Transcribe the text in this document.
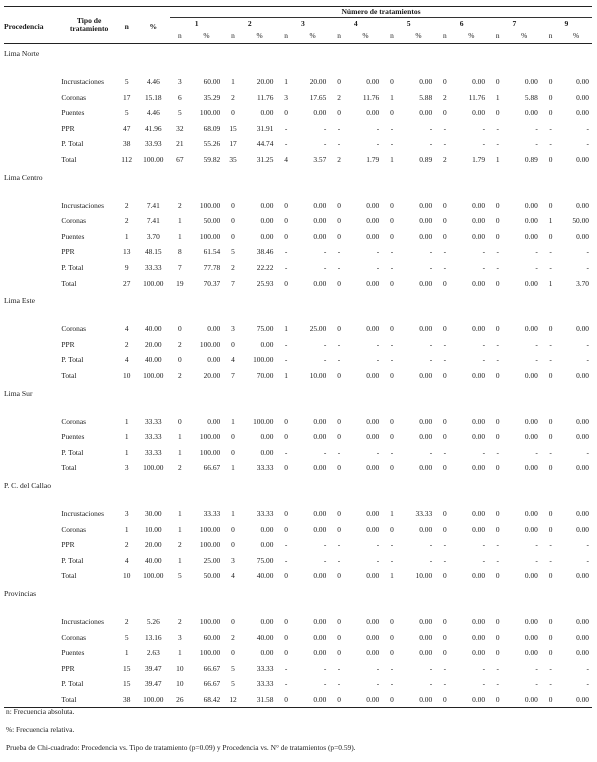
Procedencia	Tipo de tratamiento	n	%	Número de tratamientos															
				1		2		3		4		5		6		7		9	
				n	%	n	%	n	%	n	%	n	%	n	%	n	%	n	%
Lima Norte																			
	Incrustaciones	5	4.46	3	60.00	1	20.00	1	20.00	0	0.00	0	0.00	0	0.00	0	0.00	0	0.00
	Coronas	17	15.18	6	35.29	2	11.76	3	17.65	2	11.76	1	5.88	2	11.76	1	5.88	0	0.00
	Puentes	5	4.46	5	100.00	0	0.00	0	0.00	0	0.00	0	0.00	0	0.00	0	0.00	0	0.00
	PPR	47	41.96	32	68.09	15	31.91	-	-	-	-	-	-	-	-	-	-	-	-
	P. Total	38	33.93	21	55.26	17	44.74	-	-	-	-	-	-	-	-	-	-	-	-
	Total	112	100.00	67	59.82	35	31.25	4	3.57	2	1.79	1	0.89	2	1.79	1	0.89	0	0.00
Lima Centro																			
	Incrustaciones	2	7.41	2	100.00	0	0.00	0	0.00	0	0.00	0	0.00	0	0.00	0	0.00	0	0.00
	Coronas	2	7.41	1	50.00	0	0.00	0	0.00	0	0.00	0	0.00	0	0.00	0	0.00	1	50.00
	Puentes	1	3.70	1	100.00	0	0.00	0	0.00	0	0.00	0	0.00	0	0.00	0	0.00	0	0.00
	PPR	13	48.15	8	61.54	5	38.46	-	-	-	-	-	-	-	-	-	-	-	-
	P. Total	9	33.33	7	77.78	2	22.22	-	-	-	-	-	-	-	-	-	-	-	-
	Total	27	100.00	19	70.37	7	25.93	0	0.00	0	0.00	0	0.00	0	0.00	0	0.00	1	3.70
Lima Este																			
	Coronas	4	40.00	0	0.00	3	75.00	1	25.00	0	0.00	0	0.00	0	0.00	0	0.00	0	0.00
	PPR	2	20.00	2	100.00	0	0.00	-	-	-	-	-	-	-	-	-	-	-	-
	P. Total	4	40.00	0	0.00	4	100.00	-	-	-	-	-	-	-	-	-	-	-	-
	Total	10	100.00	2	20.00	7	70.00	1	10.00	0	0.00	0	0.00	0	0.00	0	0.00	0	0.00
Lima Sur																			
	Coronas	1	33.33	0	0.00	1	100.00	0	0.00	0	0.00	0	0.00	0	0.00	0	0.00	0	0.00
	Puentes	1	33.33	1	100.00	0	0.00	0	0.00	0	0.00	0	0.00	0	0.00	0	0.00	0	0.00
	P. Total	1	33.33	1	100.00	0	0.00	-	-	-	-	-	-	-	-	-	-	-	-
	Total	3	100.00	2	66.67	1	33.33	0	0.00	0	0.00	0	0.00	0	0.00	0	0.00	0	0.00
P. C. del Callao																			
	Incrustaciones	3	30.00	1	33.33	1	33.33	0	0.00	0	0.00	1	33.33	0	0.00	0	0.00	0	0.00
	Coronas	1	10.00	1	100.00	0	0.00	0	0.00	0	0.00	0	0.00	0	0.00	0	0.00	0	0.00
	PPR	2	20.00	2	100.00	0	0.00	-	-	-	-	-	-	-	-	-	-	-	-
	P. Total	4	40.00	1	25.00	3	75.00	-	-	-	-	-	-	-	-	-	-	-	-
	Total	10	100.00	5	50.00	4	40.00	0	0.00	0	0.00	1	10.00	0	0.00	0	0.00	0	0.00
Provincias																			
	Incrustaciones	2	5.26	2	100.00	0	0.00	0	0.00	0	0.00	0	0.00	0	0.00	0	0.00	0	0.00
	Coronas	5	13.16	3	60.00	2	40.00	0	0.00	0	0.00	0	0.00	0	0.00	0	0.00	0	0.00
	Puentes	1	2.63	1	100.00	0	0.00	0	0.00	0	0.00	0	0.00	0	0.00	0	0.00	0	0.00
	PPR	15	39.47	10	66.67	5	33.33	-	-	-	-	-	-	-	-	-	-	-	-
	P. Total	15	39.47	10	66.67	5	33.33	-	-	-	-	-	-	-	-	-	-	-	-
	Total	38	100.00	26	68.42	12	31.58	0	0.00	0	0.00	0	0.00	0	0.00	0	0.00	0	0.00
n: Frecuencia absoluta.
%: Frecuencia relativa.
Prueba de Chi-cuadrado: Procedencia vs. Tipo de tratamiento (p=0.09) y Procedencia vs. N° de tratamientos (p=0.59).
